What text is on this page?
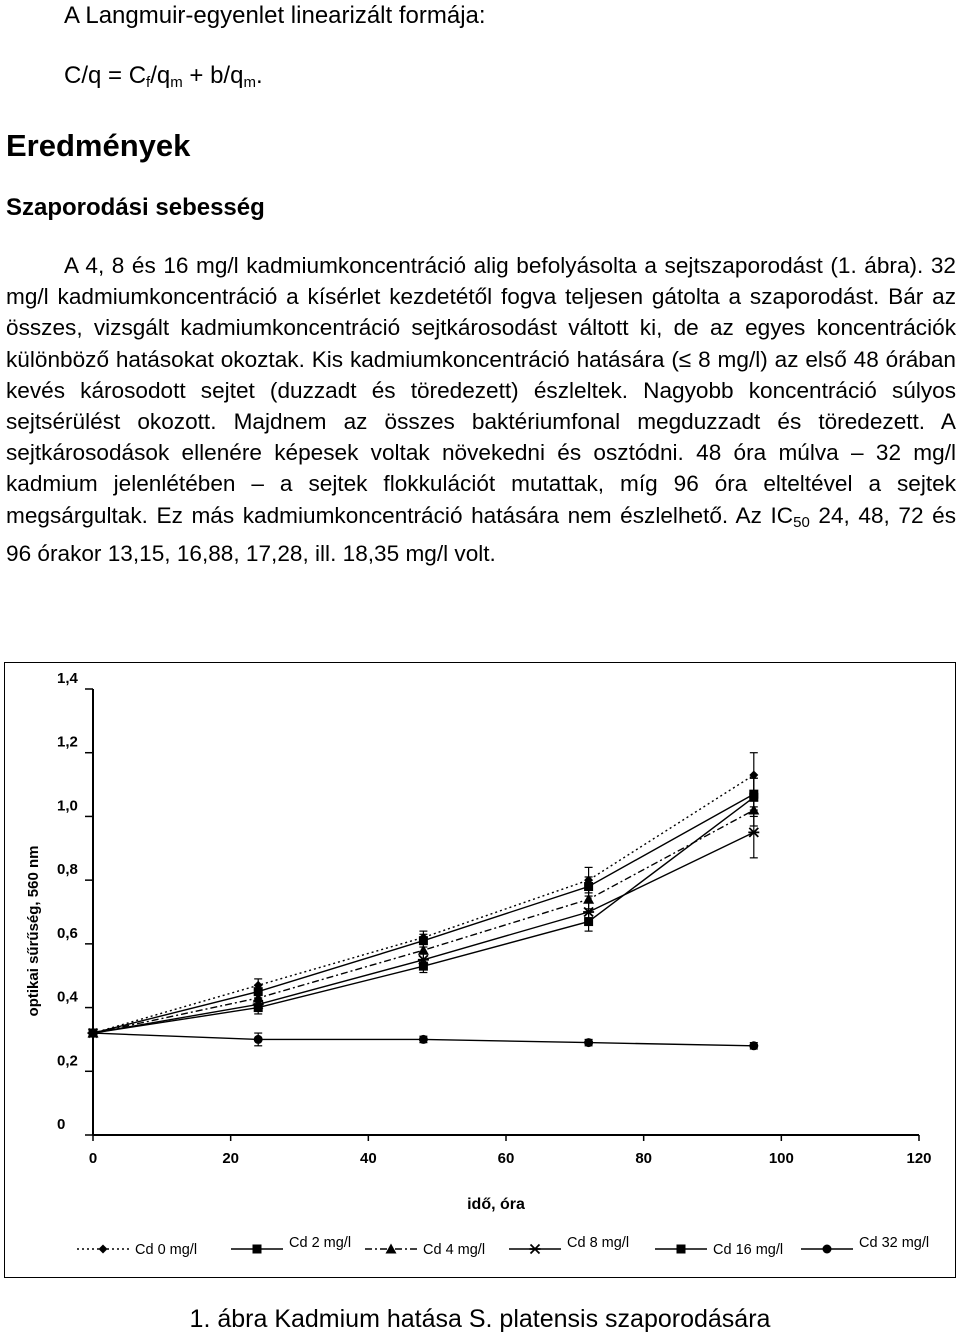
A Langmuir-egyenlet linearizált formája:
$C/q = C_f/q_m + b/q_m$.
Eredmények
Szaporodási sebesség

A 4, 8 és 16 mg/l kadmiumkoncentráció alig befolyásolta a sejtszaporodást (1. ábra). 32 mg/l kadmiumkoncentráció a kísérlet kezdetétől fogva teljesen gátolta a szaporodást. Bár az összes, vizsgált kadmiumkoncentráció sejtkárosodást váltott ki, de az egyes koncentrációk különböző hatásokat okoztak. Kis kadmiumkoncentráció hatására (≤ 8 mg/l) az első 48 órában kevés károsodott sejtet (duzzadt és töredezett) észleltek. Nagyobb koncentráció súlyos sejtsérülést okozott. Majdnem az összes baktériumfonal megduzzadt és töredezett. A sejtkárosodások ellenére képesek voltak növekedni és osztódni. 48 óra múlva – 32 mg/l kadmium jelenlétében – a sejtek flokkulációt mutattak, míg 96 óra elteltével a sejtek megsárgultak. Ez más kadmiumkoncentráció hatására nem észlelhető. Az $IC_{50}$ 24, 48, 72 és 96 órakor 13,15, 16,88, 17,28, ill. 18,35 mg/l volt.

0
0,2
0,4
0,6
0,8
1,0
1,2
1,4
0	20	40	60	80	100	120
idő, óra
optikai sűrűség, 560 nm
Cd 0 mg/l	Cd 2 mg/l	Cd 4 mg/l	Cd 8 mg/l	Cd 16 mg/l	Cd 32 mg/l
1. ábra Kadmium hatása S. platensis szaporodására
